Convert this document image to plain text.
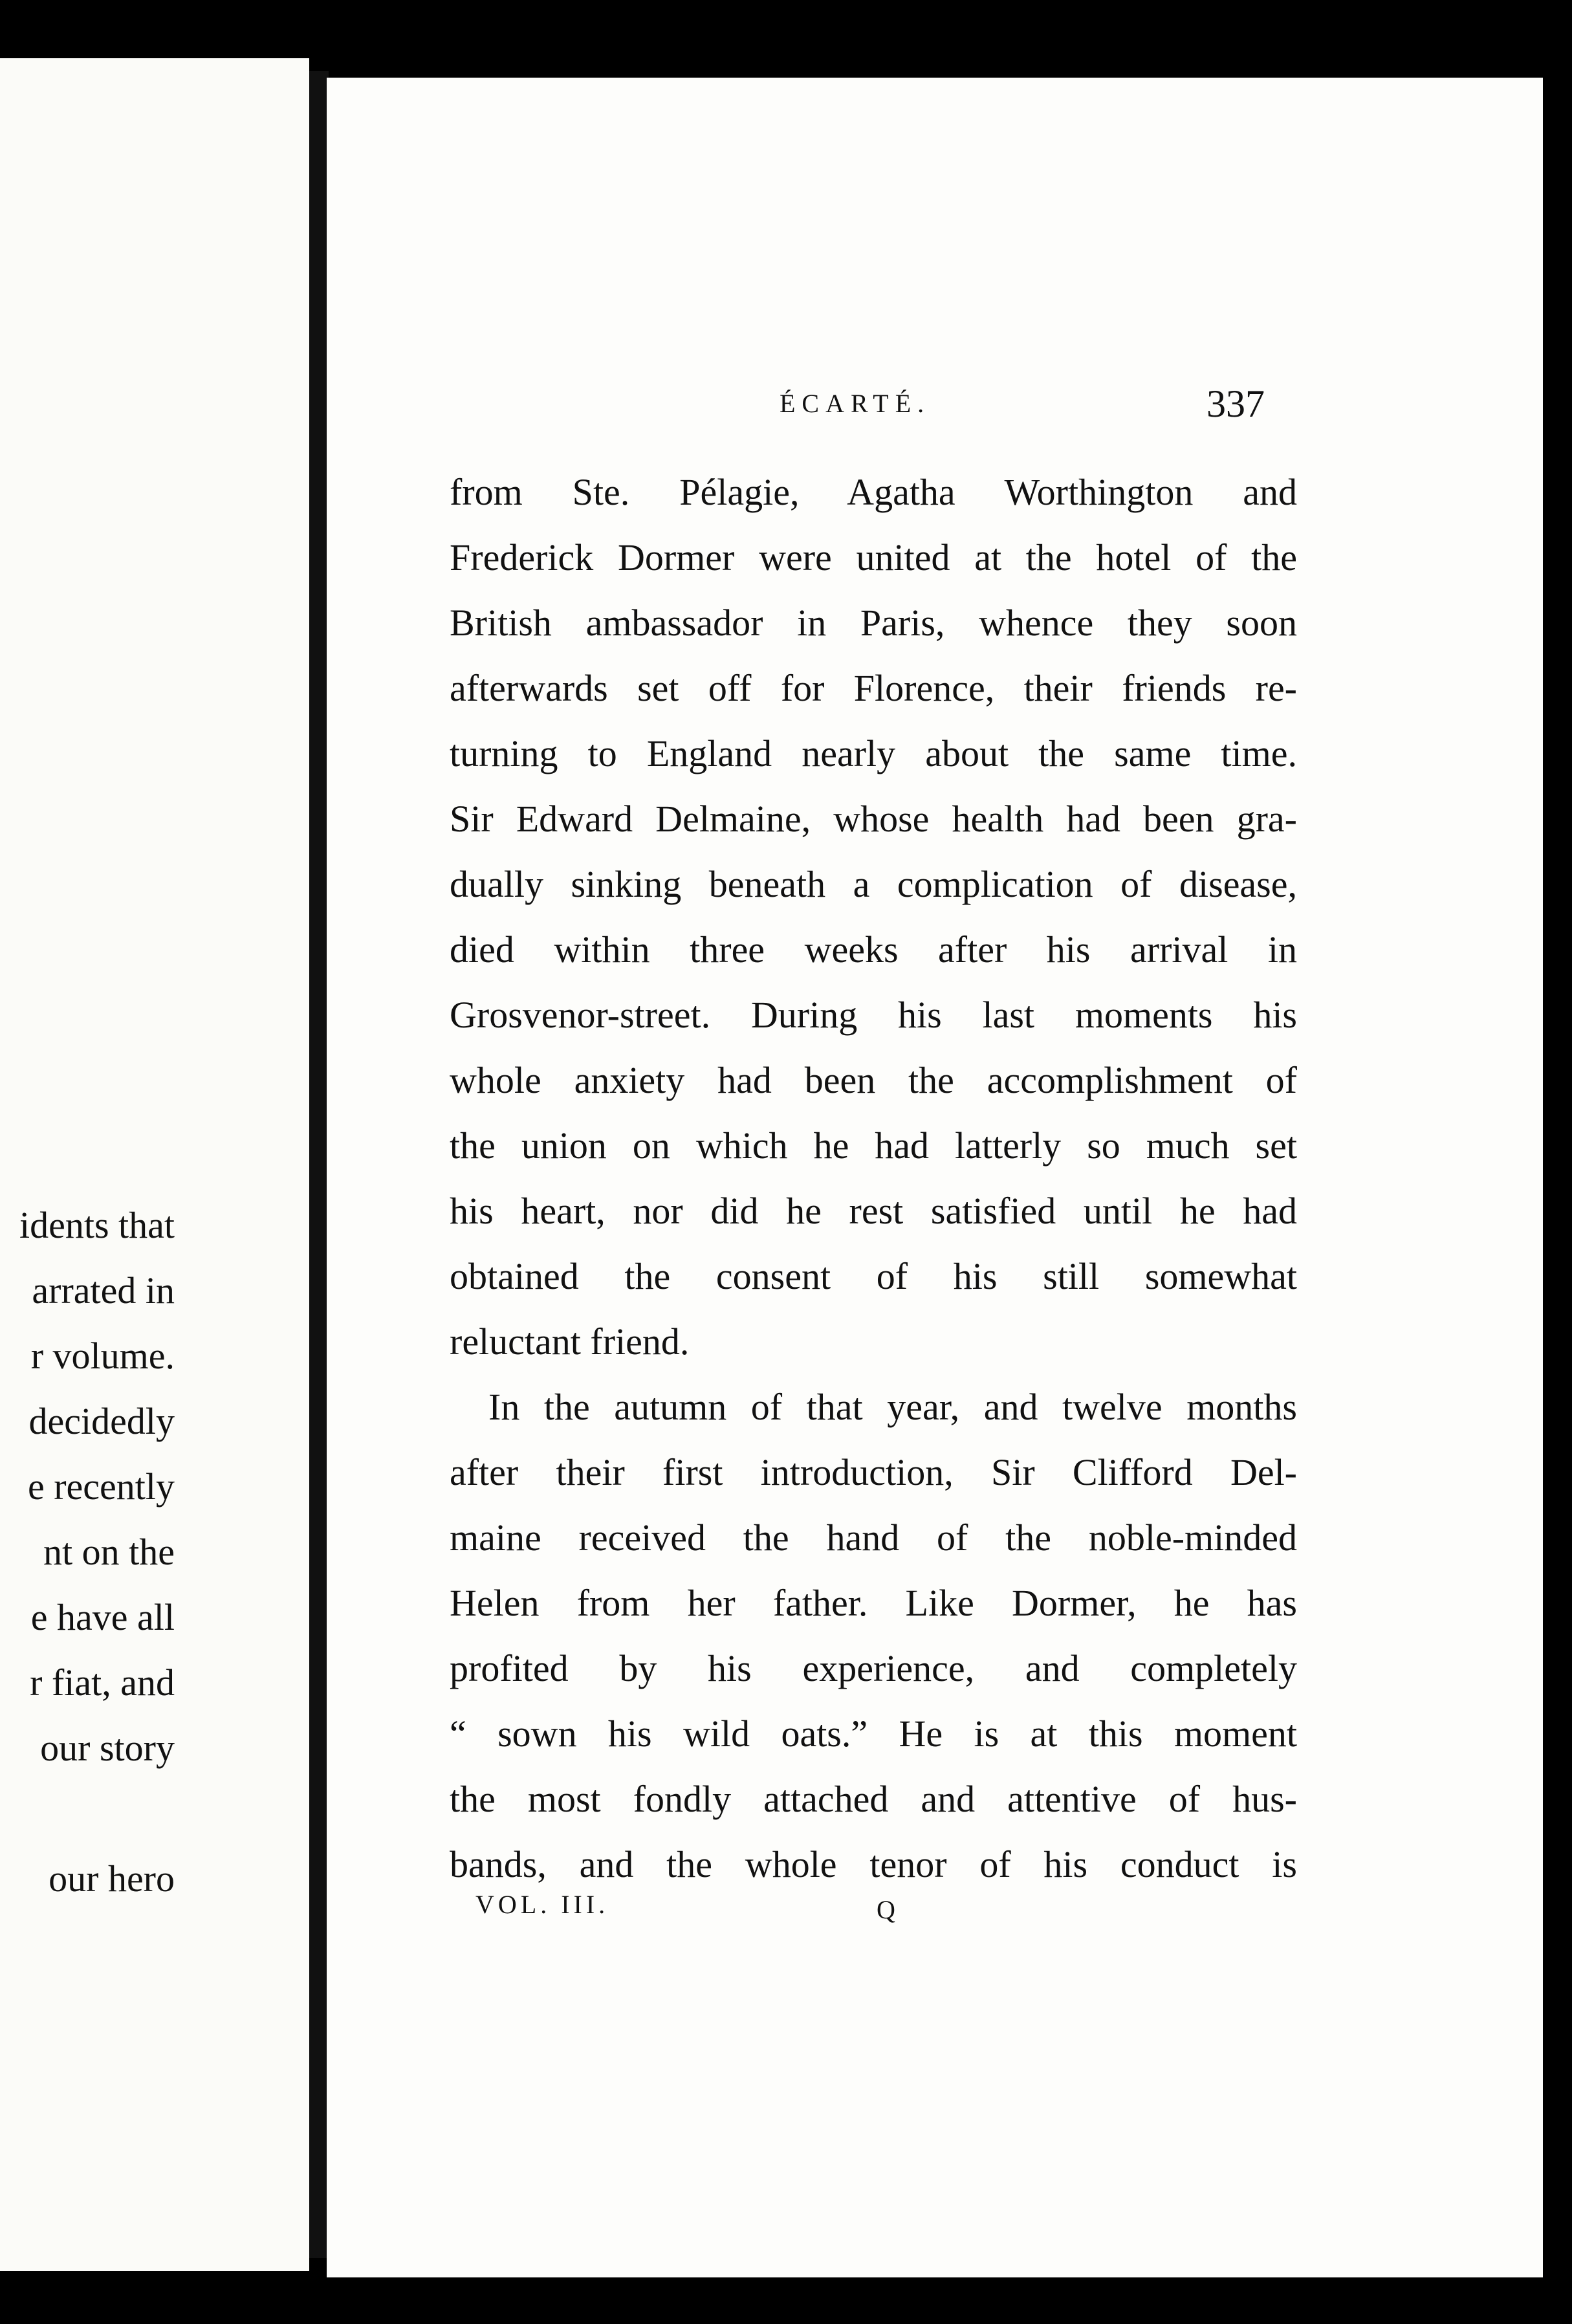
idents that
arrated in
r volume.
decidedly
e recently
nt on the
e have all
r fiat, and
our story
our hero
ÉCARTÉ.	337
from Ste. Pélagie, Agatha Worthington and
Frederick Dormer were united at the hotel of the
British ambassador in Paris, whence they soon
afterwards set off for Florence, their friends re-
turning to England nearly about the same time.
Sir Edward Delmaine, whose health had been gra-
dually sinking beneath a complication of disease,
died within three weeks after his arrival in
Grosvenor-street. During his last moments his
whole anxiety had been the accomplishment of
the union on which he had latterly so much set
his heart, nor did he rest satisfied until he had
obtained the consent of his still somewhat
reluctant friend.
In the autumn of that year, and twelve months
after their first introduction, Sir Clifford Del-
maine received the hand of the noble-minded
Helen from her father. Like Dormer, he has
profited by his experience, and completely
“ sown his wild oats.” He is at this moment
the most fondly attached and attentive of hus-
bands, and the whole tenor of his conduct is
VOL. III.	Q
